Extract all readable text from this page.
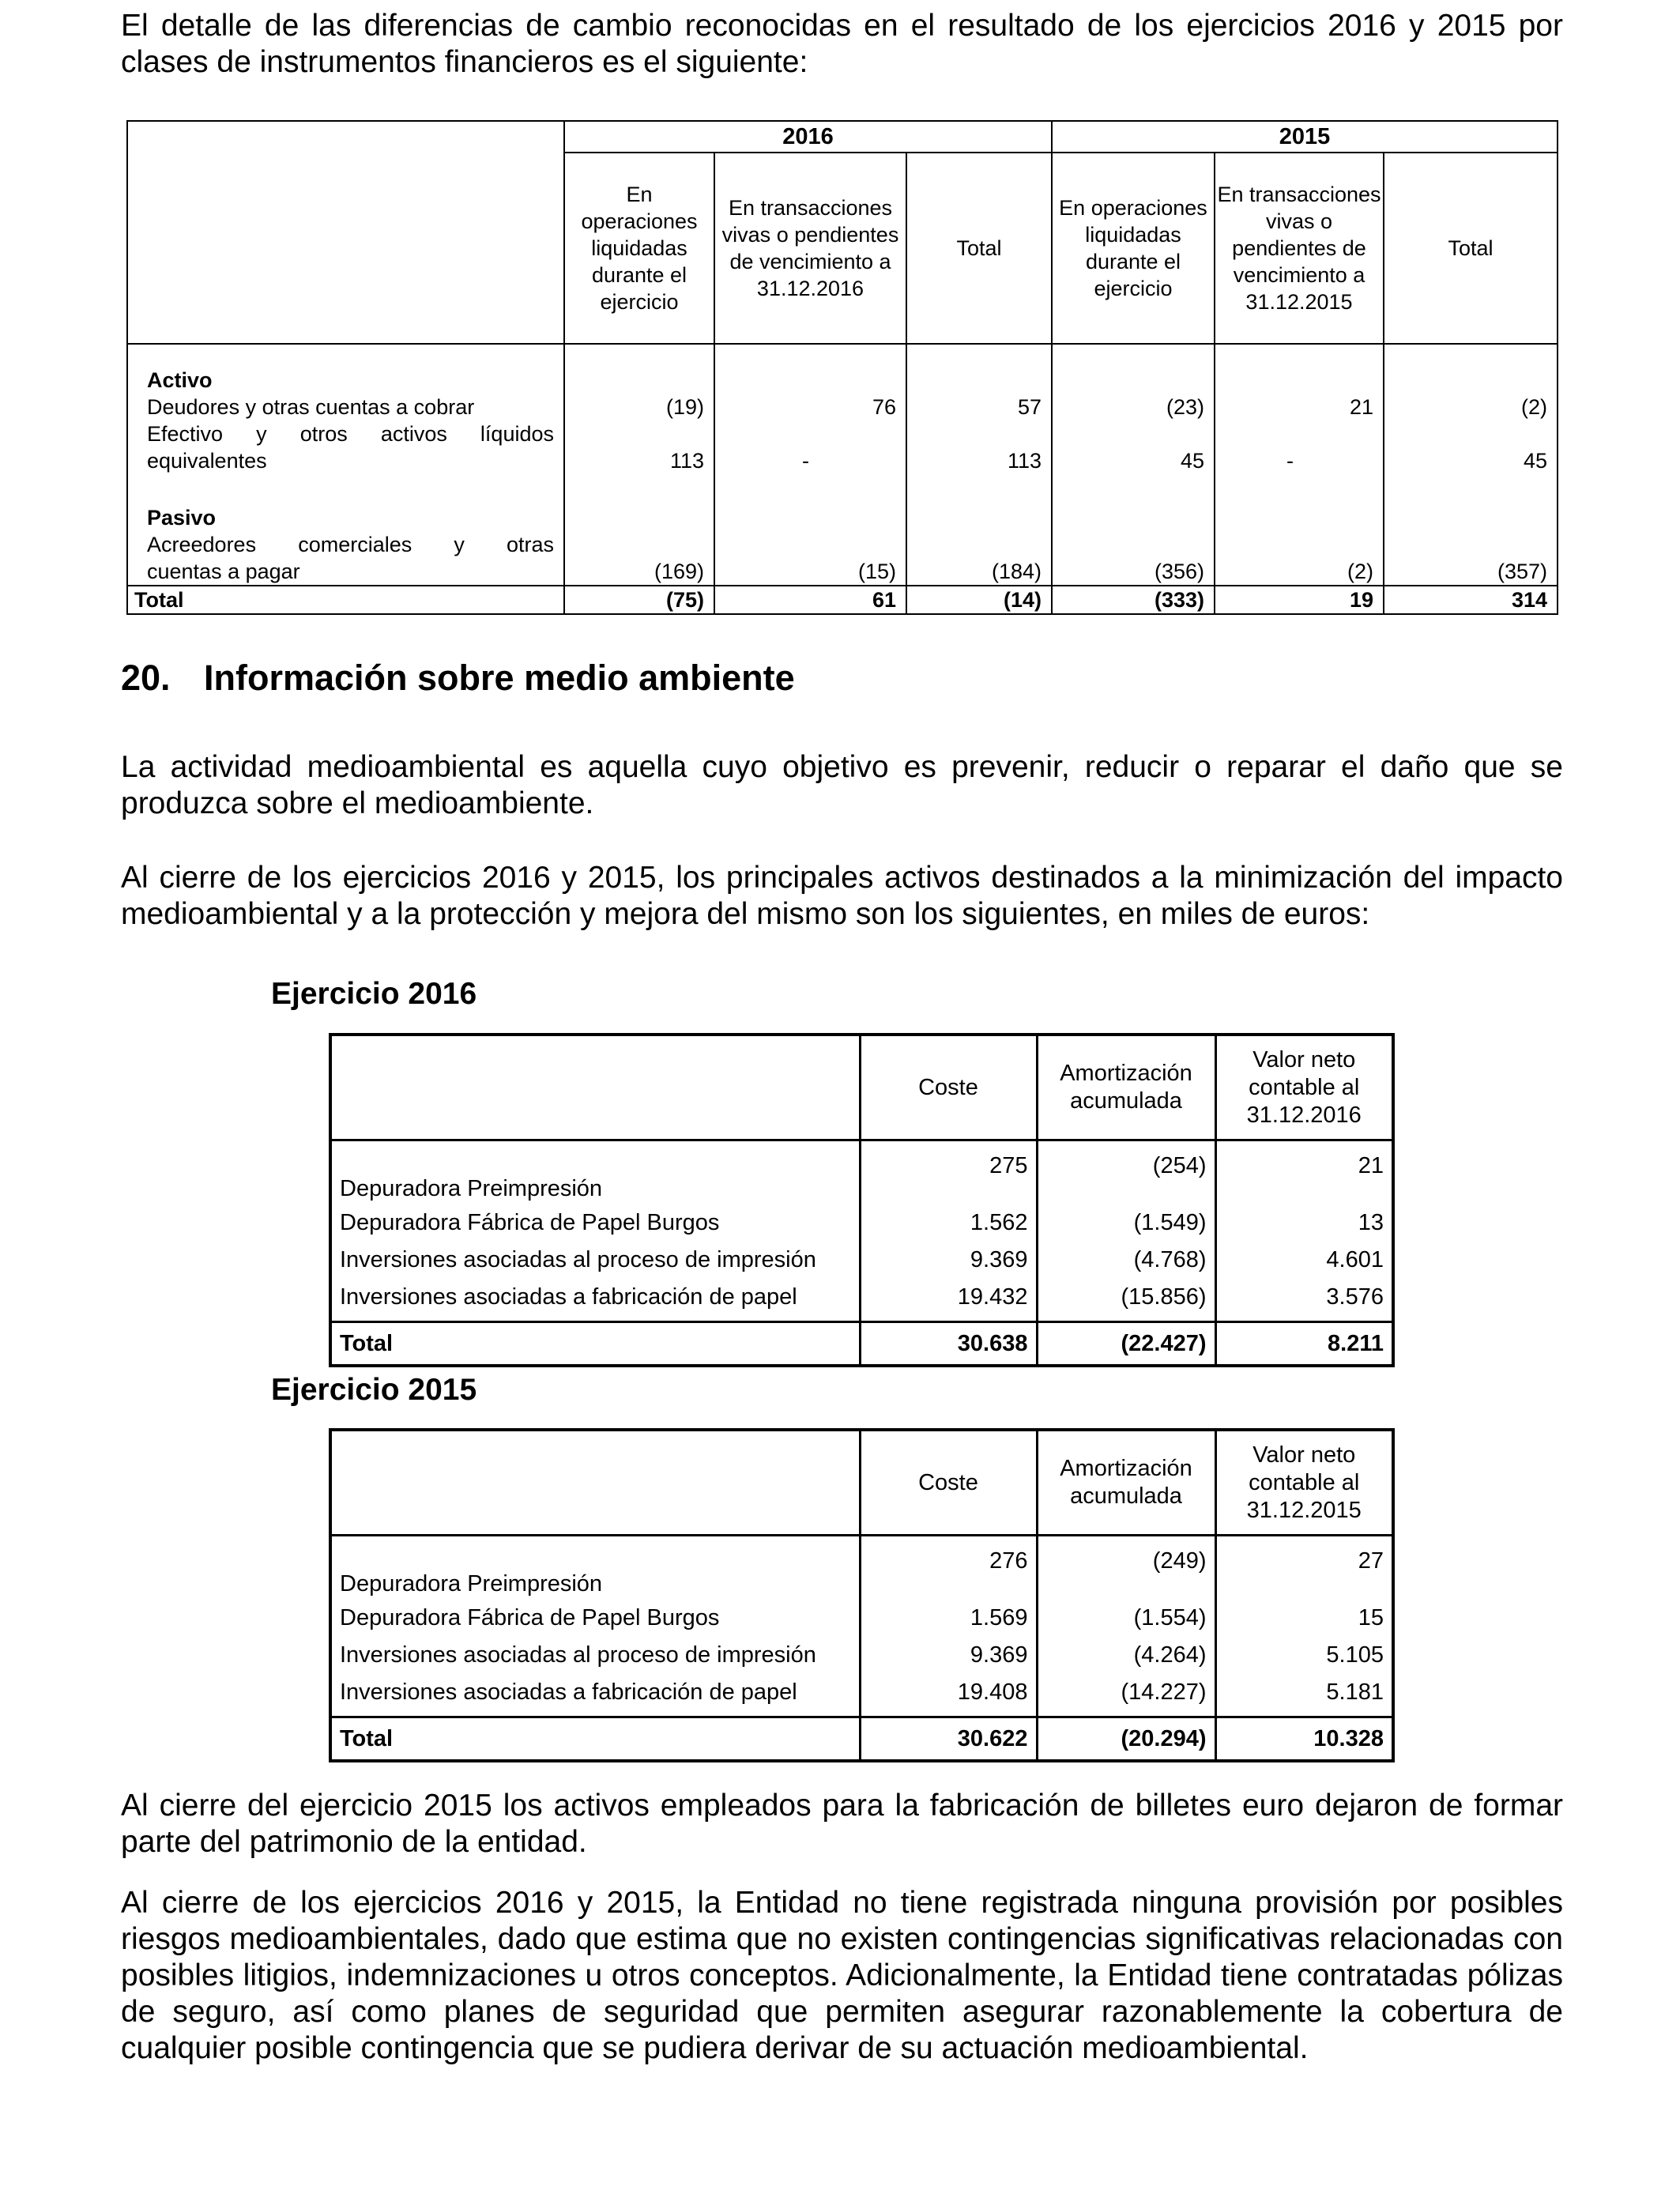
El detalle de las diferencias de cambio reconocidas en el resultado de los ejercicios 2016 y 2015 por clases de instrumentos financieros es el siguiente:

	2016			2015		
	En operaciones liquidadas durante el ejercicio	En transacciones vivas o pendientes de vencimiento a 31.12.2016	Total	En operaciones liquidadas durante el ejercicio	En transacciones vivas o pendientes de vencimiento a 31.12.2015	Total
Activo						
Deudores y otras cuentas a cobrar	(19)	76	57	(23)	21	(2)

Efectivo y otros activos líquidos
equivalentes	113	-	113	45	-	45
Pasivo						

Acreedores comerciales y otras
cuentas a pagar	(169)	(15)	(184)	(356)	(2)	(357)
Total	(75)	61	(14)	(333)	19	314
20. Información sobre medio ambiente

La actividad medioambiental es aquella cuyo objetivo es prevenir, reducir o reparar el daño que se produzca sobre el medioambiente.

Al cierre de los ejercicios 2016 y 2015, los principales activos destinados a la minimización del impacto medioambiental y a la protección y mejora del mismo son los siguientes, en miles de euros:

Ejercicio 2016
	Coste	Amortización acumulada	Valor neto contable al 31.12.2016
Depuradora Preimpresión	275	(254)	21
Depuradora Fábrica de Papel Burgos	1.562	(1.549)	13
Inversiones asociadas al proceso de impresión	9.369	(4.768)	4.601
Inversiones asociadas a fabricación de papel	19.432	(15.856)	3.576
Total	30.638	(22.427)	8.211
Ejercicio 2015
	Coste	Amortización acumulada	Valor neto contable al 31.12.2015
Depuradora Preimpresión	276	(249)	27
Depuradora Fábrica de Papel Burgos	1.569	(1.554)	15
Inversiones asociadas al proceso de impresión	9.369	(4.264)	5.105
Inversiones asociadas a fabricación de papel	19.408	(14.227)	5.181
Total	30.622	(20.294)	10.328

Al cierre del ejercicio 2015 los activos empleados para la fabricación de billetes euro dejaron de formar parte del patrimonio de la entidad.

Al cierre de los ejercicios 2016 y 2015, la Entidad no tiene registrada ninguna provisión por posibles riesgos medioambientales, dado que estima que no existen contingencias significativas relacionadas con posibles litigios, indemnizaciones u otros conceptos. Adicionalmente, la Entidad tiene contratadas pólizas de seguro, así como planes de seguridad que permiten asegurar razonablemente la cobertura de cualquier posible contingencia que se pudiera derivar de su actuación medioambiental.
